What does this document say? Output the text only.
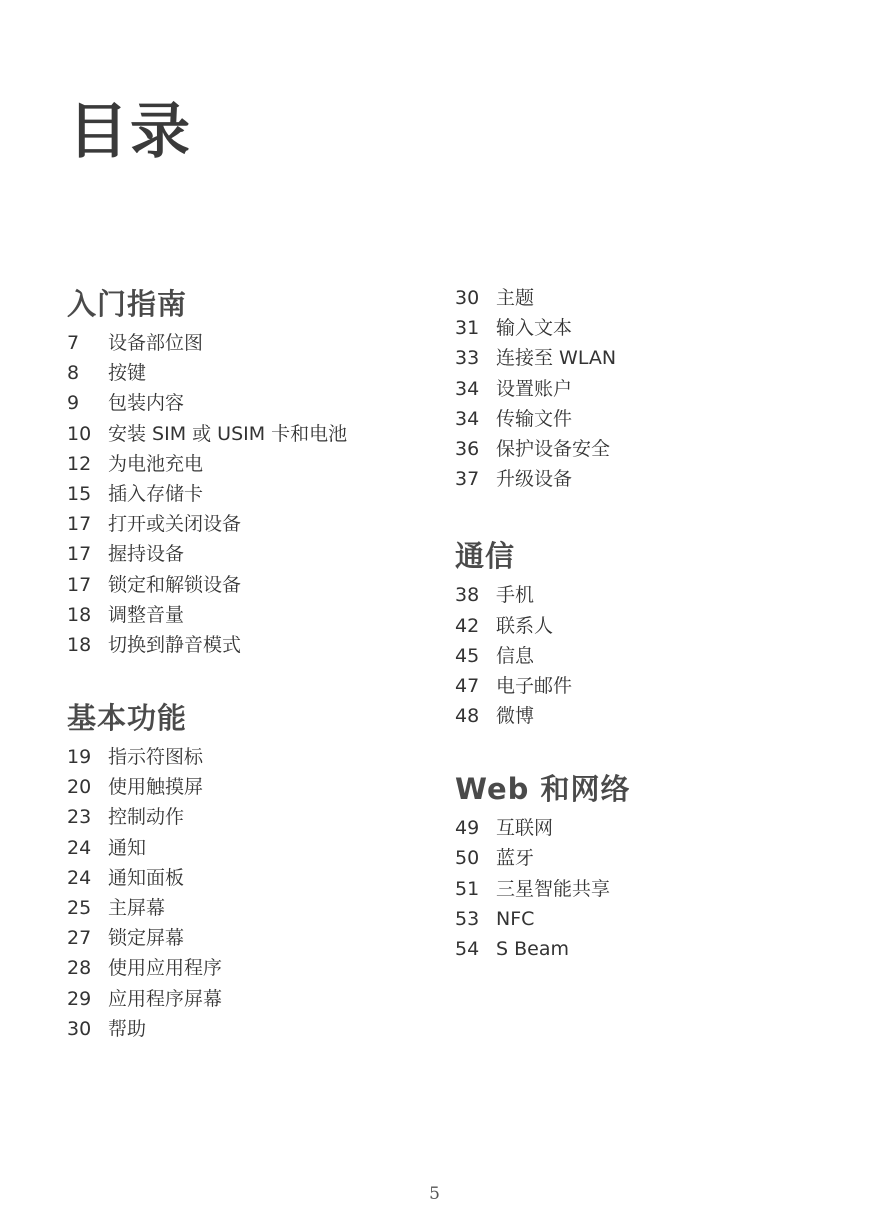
目录
入门指南
7	设备部位图
8	按键
9	包装内容
10 安装 SIM 或 USIM 卡和电池
12 为电池充电
15 插入存储卡
17 打开或关闭设备
17 握持设备
17 锁定和解锁设备
18 调整音量
18 切换到静音模式
基本功能
19 指示符图标
20 使用触摸屏
23 控制动作
24 通知
24 通知面板
25 主屏幕
27 锁定屏幕
28 使用应用程序
29 应用程序屏幕
30 帮助
30 主题
31 输入文本
33 连接至 WLAN
34 设置账户
34 传输文件
36 保护设备安全
37 升级设备
通信
38 手机
42 联系人
45 信息
47 电子邮件
48 微博
Web 和网络
49 互联网
50 蓝牙
51 三星智能共享
53 NFC
54 S Beam
5
